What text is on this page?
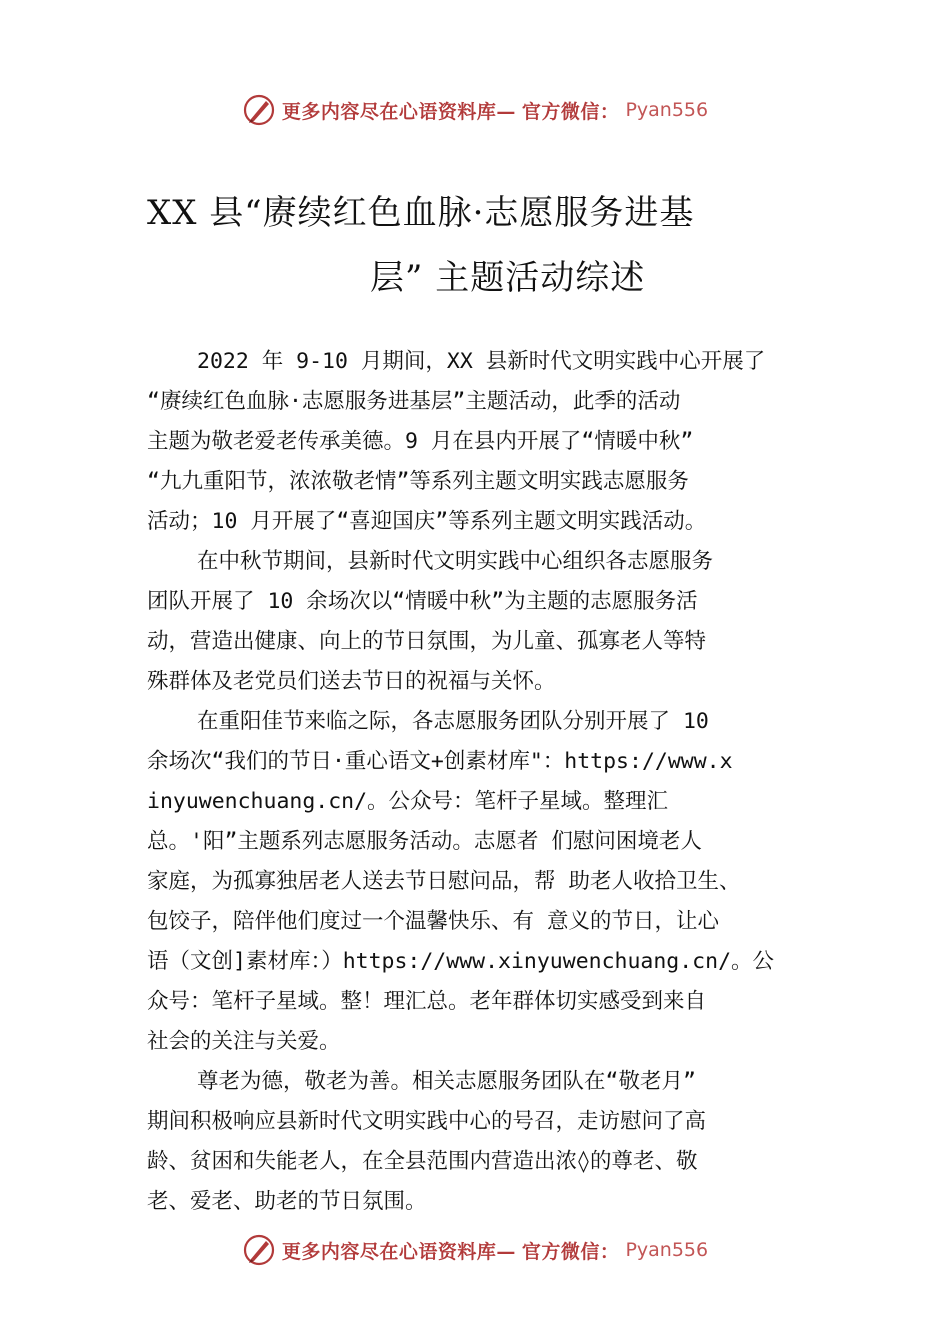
更多内容尽在心语资料库— 官方微信： Pyan556
XX 县“赓续红色血脉·志愿服务进基
层” 主题活动综述
2022 年 9-10 月期间，XX 县新时代文明实践中心开展了
“赓续红色血脉·志愿服务进基层”主题活动，此季的活动
主题为敬老爱老传承美德。9 月在县内开展了“情暖中秋”
“九九重阳节，浓浓敬老情”等系列主题文明实践志愿服务
活动；10 月开展了“喜迎国庆”等系列主题文明实践活动。
在中秋节期间，县新时代文明实践中心组织各志愿服务
团队开展了 10 余场次以“情暖中秋”为主题的志愿服务活
动，营造出健康、向上的节日氛围，为儿童、孤寡老人等特
殊群体及老党员们送去节日的祝福与关怀。
在重阳佳节来临之际，各志愿服务团队分别开展了 10
余场次“我们的节日·重心语文+创素材库"：https://www.x
inyuwenchuang.cn/。公众号：笔杆子星域。整理汇
总。'阳”主题系列志愿服务活动。志愿者 们慰问困境老人
家庭，为孤寡独居老人送去节日慰问品，帮 助老人收拾卫生、
包饺子，陪伴他们度过一个温馨快乐、有 意义的节日，让心
语（文创]素材库：）https://www.xinyuwenchuang.cn/。公
众号：笔杆子星域。整！理汇总。老年群体切实感受到来自
社会的关注与关爱。
尊老为德，敬老为善。相关志愿服务团队在“敬老月”
期间积极响应县新时代文明实践中心的号召，走访慰问了高
龄、贫困和失能老人，在全县范围内营造出浓◊的尊老、敬
老、爱老、助老的节日氛围。
更多内容尽在心语资料库— 官方微信： Pyan556
